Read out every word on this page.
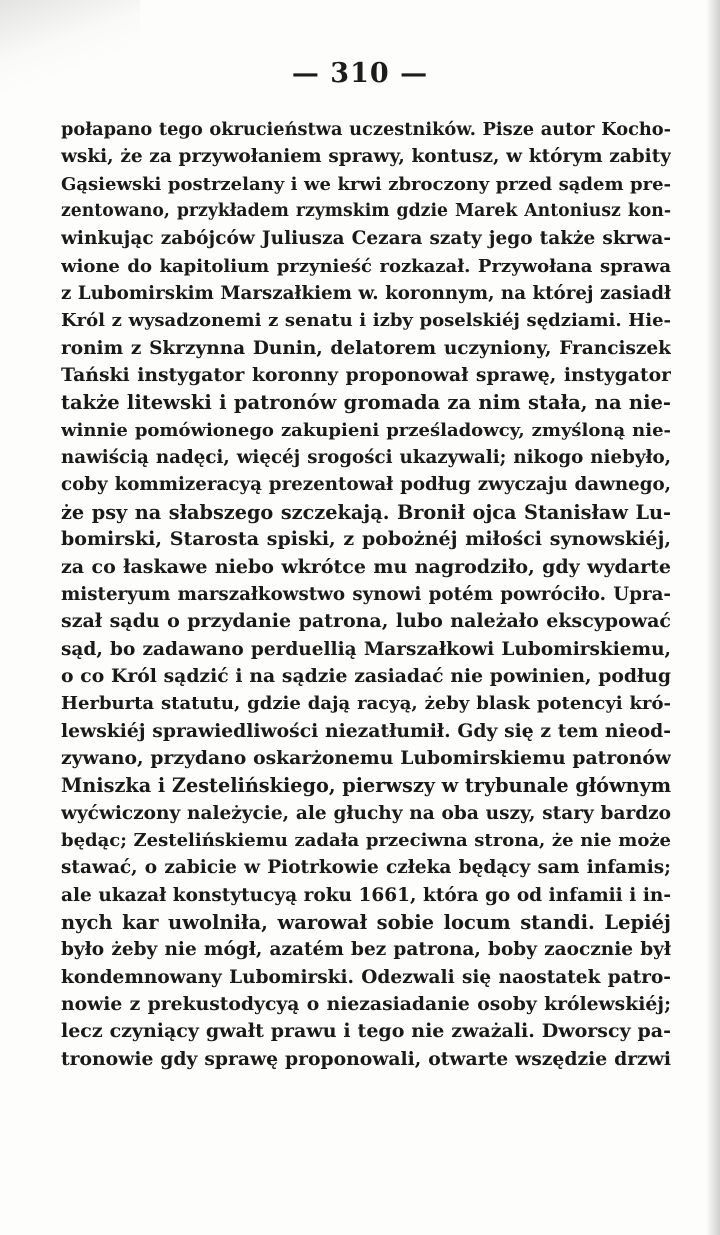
— 310 —
połapano tego okrucieństwa uczestników. Pisze autor Kocho-
wski, że za przywołaniem sprawy, kontusz, w którym zabity
Gąsiewski postrzelany i we krwi zbroczony przed sądem pre-
zentowano, przykładem rzymskim gdzie Marek Antoniusz kon-
winkując zabójców Juliusza Cezara szaty jego także skrwa-
wione do kapitolium przynieść rozkazał. Przywołana sprawa
z Lubomirskim Marszałkiem w. koronnym, na której zasiadł
Król z wysadzonemi z senatu i izby poselskiéj sędziami. Hie-
ronim z Skrzynna Dunin, delatorem uczyniony, Franciszek
Tański instygator koronny proponował sprawę, instygator
także litewski i patronów gromada za nim stała, na nie-
winnie pomówionego zakupieni prześladowcy, zmyśloną nie-
nawiścią nadęci, więcéj srogości ukazywali; nikogo niebyło,
coby kommizeracyą prezentował podług zwyczaju dawnego,
że psy na słabszego szczekają. Bronił ojca Stanisław Lu-
bomirski, Starosta spiski, z pobożnéj miłości synowskiéj,
za co łaskawe niebo wkrótce mu nagrodziło, gdy wydarte
misteryum marszałkowstwo synowi potém powróciło. Upra-
szał sądu o przydanie patrona, lubo należało ekscypować
sąd, bo zadawano perduellią Marszałkowi Lubomirskiemu,
o co Król sądzić i na sądzie zasiadać nie powinien, podług
Herburta statutu, gdzie dają racyą, żeby blask potencyi kró-
lewskiéj sprawiedliwości niezatłumił. Gdy się z tem nieod-
zywano, przydano oskarżonemu Lubomirskiemu patronów
Mniszka i Zestelińskiego, pierwszy w trybunale głównym
wyćwiczony należycie, ale głuchy na oba uszy, stary bardzo
będąc; Zestelińskiemu zadała przeciwna strona, że nie może
stawać, o zabicie w Piotrkowie człeka będący sam infamis;
ale ukazał konstytucyą roku 1661, która go od infamii i in-
nych kar uwolniła, warował sobie locum standi. Lepiéj
było żeby nie mógł, azatém bez patrona, boby zaocznie był
kondemnowany Lubomirski. Odezwali się naostatek patro-
nowie z prekustodycyą o niezasiadanie osoby królewskiéj;
lecz czyniący gwałt prawu i tego nie zważali. Dworscy pa-
tronowie gdy sprawę proponowali, otwarte wszędzie drzwi
